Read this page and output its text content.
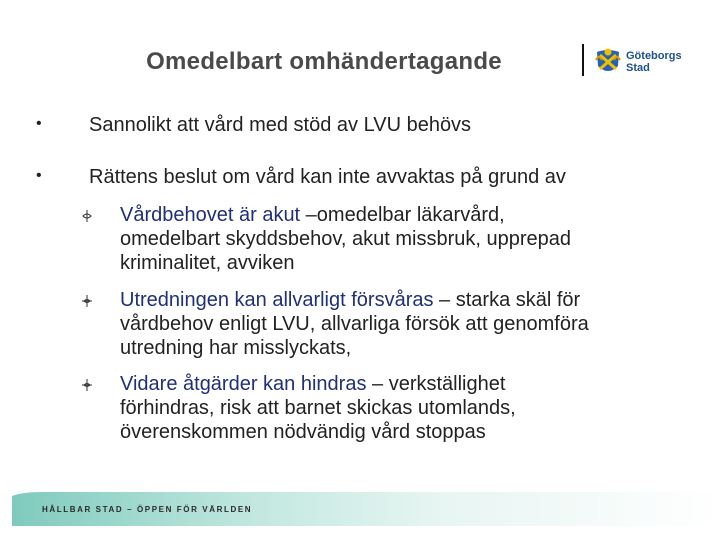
Omedelbart omhändertagande	Göteborgs
Stad
• Sannolikt att vård med stöd av LVU behövs
• Rättens beslut om vård kan inte avvaktas på grund av
Vårdbehovet är akut –omedelbar läkarvård,
omedelbart skyddsbehov, akut missbruk, upprepad
kriminalitet, avviken
Utredningen kan allvarligt försvåras – starka skäl för
vårdbehov enligt LVU, allvarliga försök att genomföra
utredning har misslyckats,
Vidare åtgärder kan hindras – verkställighet
förhindras, risk att barnet skickas utomlands,
överenskommen nödvändig vård stoppas
HÅLLBAR STAD – ÖPPEN FÖR VÄRLDEN
